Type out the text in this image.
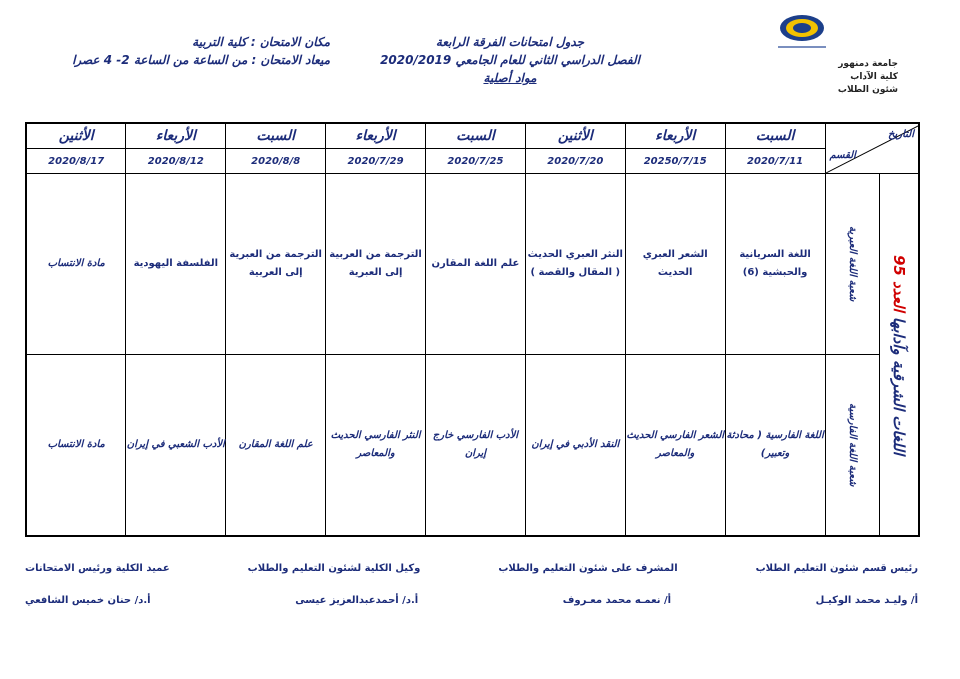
جامعة دمنهور
كلية الآداب
شئون الطلاب
جدول امتحانات الفرقة الرابعة
الفصل الدراسي الثاني للعام الجامعي 2020/2019
مواد أصلية
مكان الامتحان : كلية التربية
ميعاد الامتحان : من الساعة من الساعة 2- 4 عصرا
التاريخ
القسم		السبت	الأربعاء	الأثنين	السبت	الأربعاء	السبت	الأربعاء	الأثنين
		2020/7/11	20250/7/15	2020/7/20	2020/7/25	2020/7/29	2020/8/8	2020/8/12	2020/8/17

اللغات الشرقية وآدابها العدد 95	شعبة اللغة العبرية	اللغة السريانية والحبشية (6)	الشعر العبري الحديث	النثر العبري الحديث ( المقال والقصة )	علم اللغة المقارن	الترجمة من العربية إلى العبرية	الترجمة من العبرية إلى العربية	الفلسفة اليهودية	مادة الانتساب

	شعبة اللغة الفارسية	اللغة الفارسية ( محادثة وتعبير)	الشعر الفارسي الحديث والمعاصر	النقد الأدبي في إيران	الأدب الفارسي خارج إيران	النثر الفارسي الحديث والمعاصر	علم اللغة المقارن	الأدب الشعبي في إيران	مادة الانتساب
رئيس قسم شئون التعليم الطلاب
المشرف على شئون التعليم والطلاب
وكيل الكلية لشئون التعليم والطلاب
عميد الكلية ورئيس الامتحانات
أ/ وليـد محمد الوكيـل
أ/ نعمـه محمد معـروف
أ.د/ أحمدعبدالعزيز عيسى
أ.د/ حنان خميس الشافعي
